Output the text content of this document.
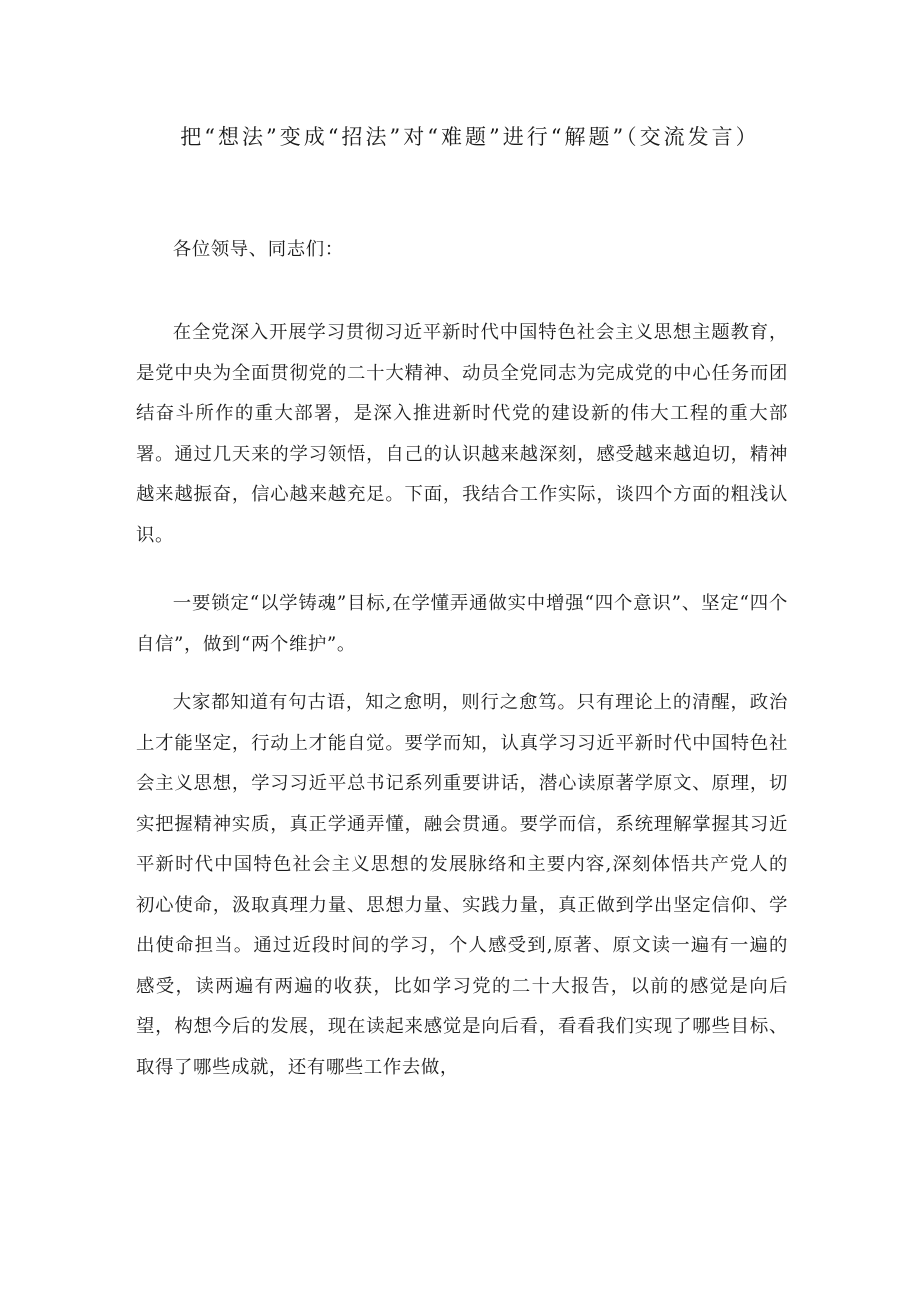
把“想法”变成“招法”对“难题”进行“解题”（交流发言）

各位领导、同志们：

在全党深入开展学习贯彻习近平新时代中国特色社会主义思想主题教育，是党中央为全面贯彻党的二十大精神、动员全党同志为完成党的中心任务而团结奋斗所作的重大部署，是深入推进新时代党的建设新的伟大工程的重大部署。通过几天来的学习领悟，自己的认识越来越深刻，感受越来越迫切，精神越来越振奋，信心越来越充足。下面，我结合工作实际，谈四个方面的粗浅认识。

一要锁定“以学铸魂”目标,在学懂弄通做实中增强“四个意识”、坚定“四个自信”，做到“两个维护”。

大家都知道有句古语，知之愈明，则行之愈笃。只有理论上的清醒，政治上才能坚定，行动上才能自觉。要学而知，认真学习习近平新时代中国特色社会主义思想，学习习近平总书记系列重要讲话，潜心读原著学原文、原理，切实把握精神实质，真正学通弄懂，融会贯通。要学而信，系统理解掌握其习近平新时代中国特色社会主义思想的发展脉络和主要内容,深刻体悟共产党人的初心使命，汲取真理力量、思想力量、实践力量，真正做到学出坚定信仰、学出使命担当。通过近段时间的学习，个人感受到,原著、原文读一遍有一遍的感受，读两遍有两遍的收获，比如学习党的二十大报告，以前的感觉是向后望，构想今后的发展，现在读起来感觉是向后看，看看我们实现了哪些目标、取得了哪些成就，还有哪些工作去做，
